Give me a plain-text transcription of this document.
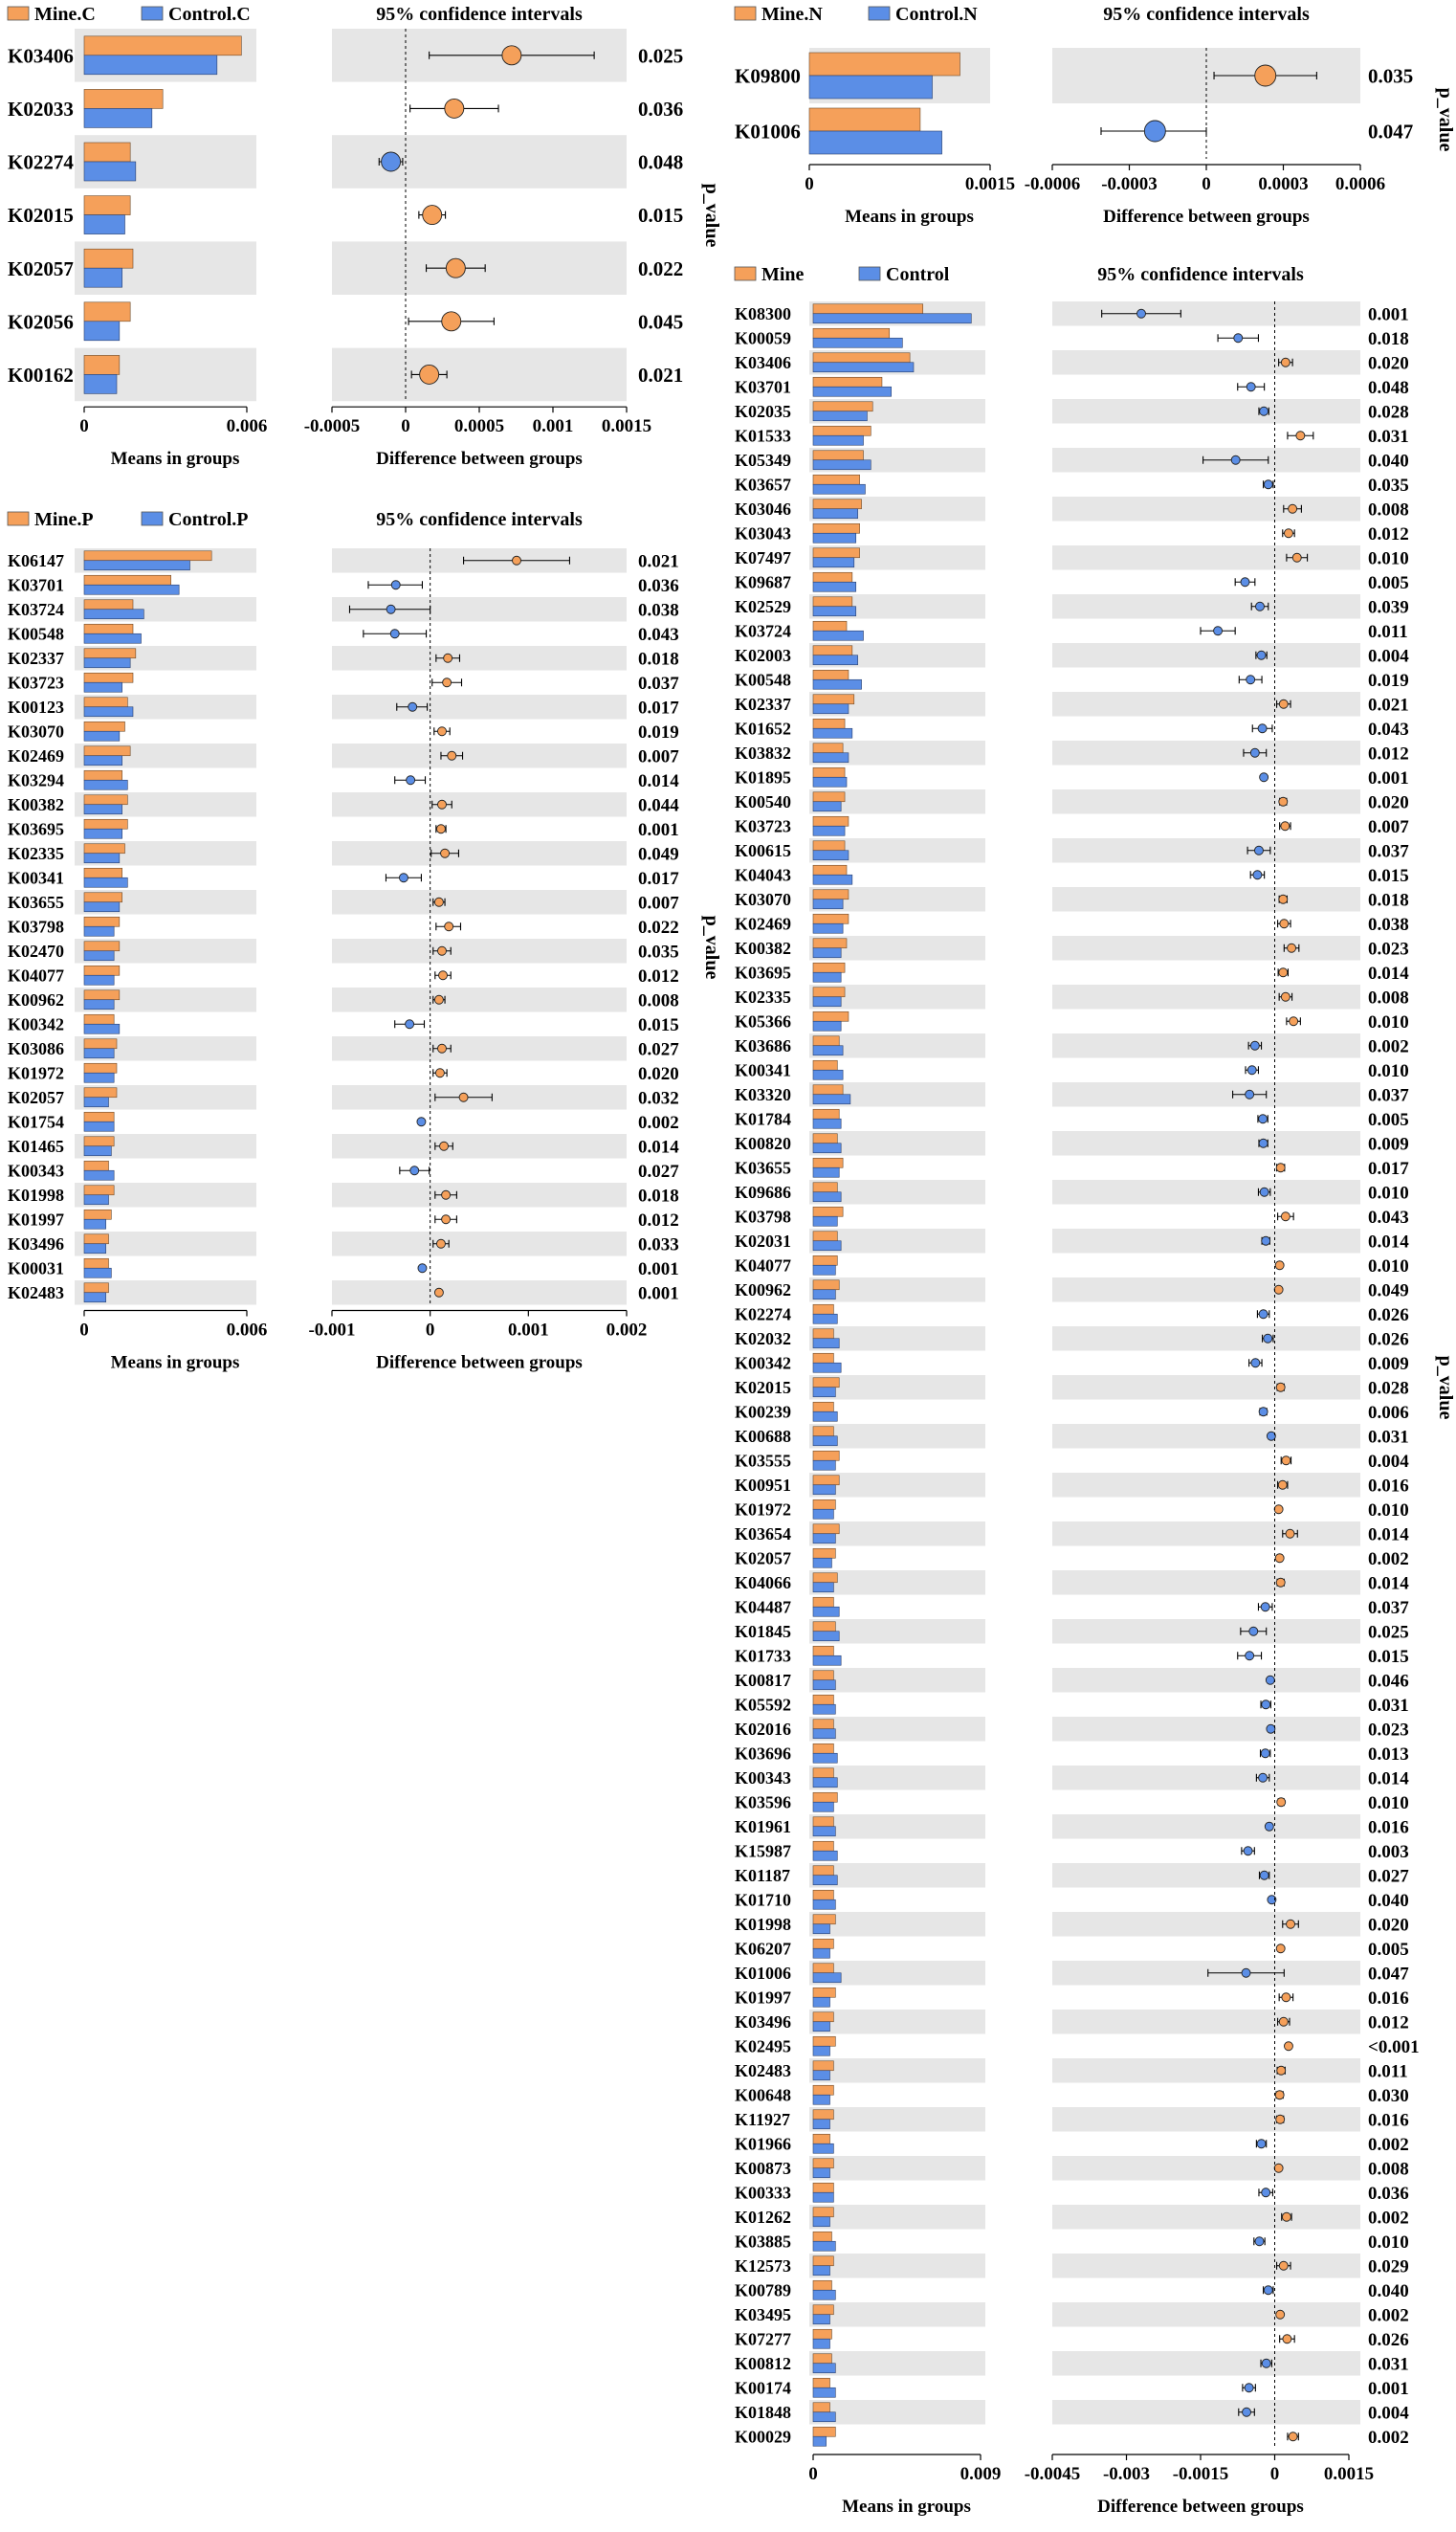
Mine.C	Control.C	95% confidence intervals
K03406	0.025
K02033	0.036
K02274	0.048
K02015	0.015
K02057	0.022
K02056	0.045
K00162	0.021
0	0.006
Means in groups
-0.0005 0 0.0005 0.001 0.0015
Difference between groups
p_value
Mine.N	Control.N	95% confidence intervals
K09800	0.035
K01006	0.047
0	0.0015
Means in groups
-0.0006 -0.0003 0	0.0003 0.0006
Difference between groups
p_value
Mine.P	Control.P	95% confidence intervals
K06147	0.021
K03701	0.036
K03724	0.038
K00548	0.043
K02337	0.018
K03723	0.037
K00123	0.017
K03070	0.019
K02469	0.007
K03294	0.014
K00382	0.044
K03695	0.001
K02335	0.049
K00341	0.017
K03655	0.007
K03798	0.022
K02470	0.035
K04077	0.012
K00962	0.008
K00342	0.015
K03086	0.027
K01972	0.020
K02057	0.032
K01754	0.002
K01465	0.014
K00343	0.027
K01998	0.018
K01997	0.012
K03496	0.033
K00031	0.001
K02483	0.001
0	0.006
Means in groups
-0.001	0	0.001	0.002
Difference between groups
p_value
Mine	Control	95% confidence intervals
K08300	0.001
K00059	0.018
K03406	0.020
K03701	0.048
K02035	0.028
K01533	0.031
K05349	0.040
K03657	0.035
K03046	0.008
K03043	0.012
K07497	0.010
K09687	0.005
K02529	0.039
K03724	0.011
K02003	0.004
K00548	0.019
K02337	0.021
K01652	0.043
K03832	0.012
K01895	0.001
K00540	0.020
K03723	0.007
K00615	0.037
K04043	0.015
K03070	0.018
K02469	0.038
K00382	0.023
K03695	0.014
K02335	0.008
K05366	0.010
K03686	0.002
K00341	0.010
K03320	0.037
K01784	0.005
K00820	0.009
K03655	0.017
K09686	0.010
K03798	0.043
K02031	0.014
K04077	0.010
K00962	0.049
K02274	0.026
K02032	0.026
K00342	0.009
K02015	0.028
K00239	0.006
K00688	0.031
K03555	0.004
K00951	0.016
K01972	0.010
K03654	0.014
K02057	0.002
K04066	0.014
K04487	0.037
K01845	0.025
K01733	0.015
K00817	0.046
K05592	0.031
K02016	0.023
K03696	0.013
K00343	0.014
K03596	0.010
K01961	0.016
K15987	0.003
K01187	0.027
K01710	0.040
K01998	0.020
K06207	0.005
K01006	0.047
K01997	0.016
K03496	0.012
K02495	<0.001
K02483	0.011
K00648	0.030
K11927	0.016
K01966	0.002
K00873	0.008
K00333	0.036
K01262	0.002
K03885	0.010
K12573	0.029
K00789	0.040
K03495	0.002
K07277	0.026
K00812	0.031
K00174	0.001
K01848	0.004
K00029	0.002
0	0.009
Means in groups
-0.0045 -0.003 -0.0015 0 0.0015
Difference between groups
p_value
